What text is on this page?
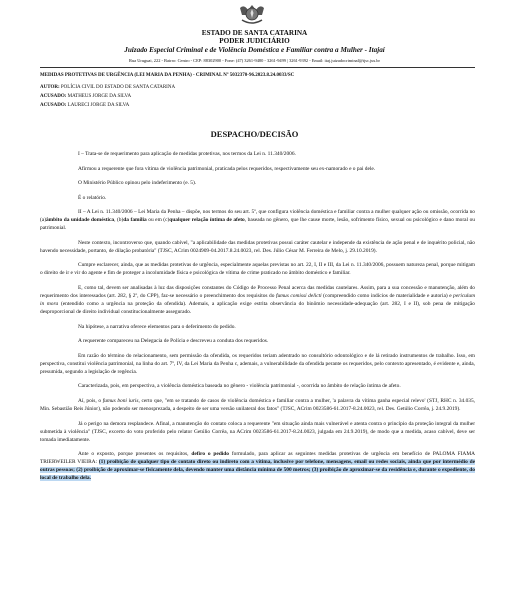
ESTADO DE SANTA CATARINA
PODER JUDICIÁRIO
Juizado Especial Criminal e de Violência Doméstica e Familiar contra a Mulher - Itajaí
Rua Uruguai, 222 - Bairro: Centro - CEP: 88302900 - Fone: (47) 3261-9480 - 3261-9499 | 3261-9392 - Email: itaj.juizadocriminal@tjsc.jus.br
MEDIDAS PROTETIVAS DE URGÊNCIA (LEI MARIA DA PENHA) - CRIMINAL Nº 5032370-96.2023.8.24.0033/SC
AUTOR: POLÍCIA CIVIL DO ESTADO DE SANTA CATARINA
ACUSADO: MATHEUS JORGE DA SILVA
ACUSADO: LAURECI JORGE DA SILVA
DESPACHO/DECISÃO

I – Trata-se de requerimento para aplicação de medidas protetivas, nos termos da Lei n. 11.340/2006.

Afirmou a requerente que fora vítima de violência patrimonial, praticada pelos requeridos, respectivamente seu ex-namorado e o pai dele.

O Ministério Público opinou pelo indeferimento (e. 5).

É o relatório.

II – A Lei n. 11.340/2006 – Lei Maria da Penha – dispõe, nos termos do seu art. 5º, que configura violência doméstica e familiar contra a mulher qualquer ação ou omissão, ocorrida no (a)âmbito da unidade doméstica, (b)da família ou em (c)qualquer relação íntima de afeto, baseada no gênero, que lhe cause morte, lesão, sofrimento físico, sexual ou psicológico e dano moral ou patrimonial.

Neste contexto, incontroverso que, quando cabível, "a aplicabilidade das medidas protetivas possui caráter cautelar e independe da existência de ação penal e de inquérito policial, não havendo necessidade, portanto, de dilação probatória" (TJSC, ACrim 0024909-04.2017.8.24.0023, rel. Des. Júlio César M. Ferreira de Melo, j. 29.10.2019).

Cumpre esclarecer, ainda, que as medidas protetivas de urgência, especialmente aquelas previstas no art. 22, I, II e III, da Lei n. 11.340/2006, possuem natureza penal, porque mitigam o direito de ir e vir do agente e fim de proteger a incolumidade física e psicológica de vítima de crime praticado no âmbito doméstico e familiar.

E, como tal, devem ser analisadas à luz das disposições constantes do Código de Processo Penal acerca das medidas cautelares. Assim, para a sua concessão e manutenção, além do requerimento dos interessados (art. 282, § 2º, do CPP), faz-se necessário o preenchimento dos requisitos do fumus comissi delicti (compreendido como indícios de materialidade e autoria) e periculum in mora (entendido como a urgência na proteção da ofendida). Ademais, a aplicação exige estrita observância do binômio necessidade-adequação (art. 282, I e II), sob pena de mitigação desproporcional de direito individual constitucionalmente assegurado.

Na hipótese, a narrativa oferece elementos para o deferimento do pedido.

A requerente compareceu na Delegacia de Polícia e descreveu a conduta dos requeridos.

Em razão do término do relacionamento, sem permissão da ofendida, os requeridos teriam adentrado no consultório odontológico e de lá retirado instrumentos de trabalho. Isso, em perspectiva, constitui violência patrimonial, na linha do art. 7º, IV, da Lei Maria da Penha c, ademais, a vulnerabilidade da ofendida perante os requeridos, pelo contexto apresentado, é evidente e, ainda, presumida, segundo a legislação de regência.

Caracterizada, pois, em perspectiva, a violência doméstica baseada no gênero - violência patrimonial -, ocorrida no âmbito de relação íntima de afeto.

Aí, pois, o fumus boni iuris, certo que, "em se tratando de casos de violência doméstica e familiar contra a mulher, 'a palavra da vítima ganha especial relevo' (STJ, RHC n. 34.035, Min. Sebastião Reis Júnior), não podendo ser menosprezada, a despeito de ser uma versão unilateral dos fatos" (TJSC, ACrim 0023586-61.2017-8.24.0023, rel. Des. Getúlio Corrêa, j. 24.9.2019).

Já o perigo na demora resplandece. Afinal, a manutenção do contato coloca a requerente "em situação ainda mais vulnerável e atenta contra o princípio da proteção integral da mulher submetida à violência" (TJSC, excerto do voto proferido pelo relator Getúlio Corrêa, na ACrim 0023586-61.2017-8.24.0023, julgada em 24.9.2019), de modo que a medida, acaso cabível, deve ser tomada imediatamente.

Ante o exposto, porque presentes os requisitos, defiro o pedido formulado, para aplicar as seguintes medidas protetivas de urgência em benefício de PALOMA FIAMA TRIERWEILER VIEIRA: (1) proibição de qualquer tipo de contato direto ou indireto com a vítima, inclusive por telefone, mensagens, email ou redes sociais, ainda que por intermédio de outras pessoas; (2) proibição de aproximar-se fisicamente dela, devendo manter uma distância mínima de 500 metros; (3) proibição de aproximar-se da residência e, durante o expediente, do local de trabalho dela.
